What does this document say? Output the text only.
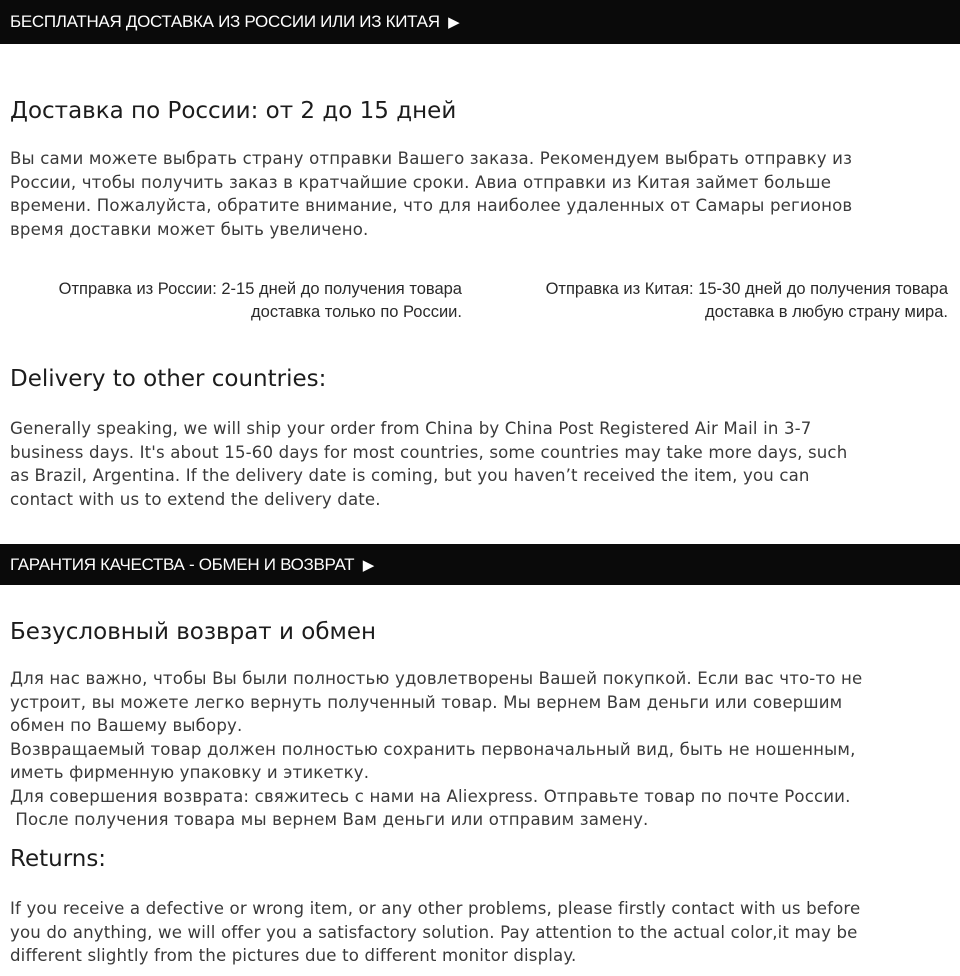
БЕСПЛАТНАЯ ДОСТАВКА ИЗ РОССИИ ИЛИ ИЗ КИТАЯ ▶
Доставка по России: от 2 до 15 дней
Вы сами можете выбрать страну отправки Вашего заказа. Рекомендуем выбрать отправку из
России, чтобы получить заказ в кратчайшие сроки. Авиа отправки из Китая займет больше
времени. Пожалуйста, обратите внимание, что для наиболее удаленных от Самары регионов
время доставки может быть увеличено.
Отправка из России: 2-15 дней до получения товара
доставка только по России.
Отправка из Китая: 15-30 дней до получения товара
доставка в любую страну мира.
Delivery to other countries:
Generally speaking, we will ship your order from China by China Post Registered Air Mail in 3-7
business days. It's about 15-60 days for most countries, some countries may take more days, such
as Brazil, Argentina. If the delivery date is coming, but you haven’t received the item, you can
contact with us to extend the delivery date.
ГАРАНТИЯ КАЧЕСТВА - ОБМЕН И ВОЗВРАТ ▶
Безусловный возврат и обмен
Для нас важно, чтобы Вы были полностью удовлетворены Вашей покупкой. Если вас что-то не
устроит, вы можете легко вернуть полученный товар. Мы вернем Вам деньги или совершим
обмен по Вашему выбору.
Возвращаемый товар должен полностью сохранить первоначальный вид, быть не ношенным,
иметь фирменную упаковку и этикетку.
Для совершения возврата: свяжитесь с нами на Aliexpress. Отправьте товар по почте России.
После получения товара мы вернем Вам деньги или отправим замену.
Returns:
If you receive a defective or wrong item, or any other problems, please firstly contact with us before
you do anything, we will offer you a satisfactory solution. Pay attention to the actual color,it may be
different slightly from the pictures due to different monitor display.
